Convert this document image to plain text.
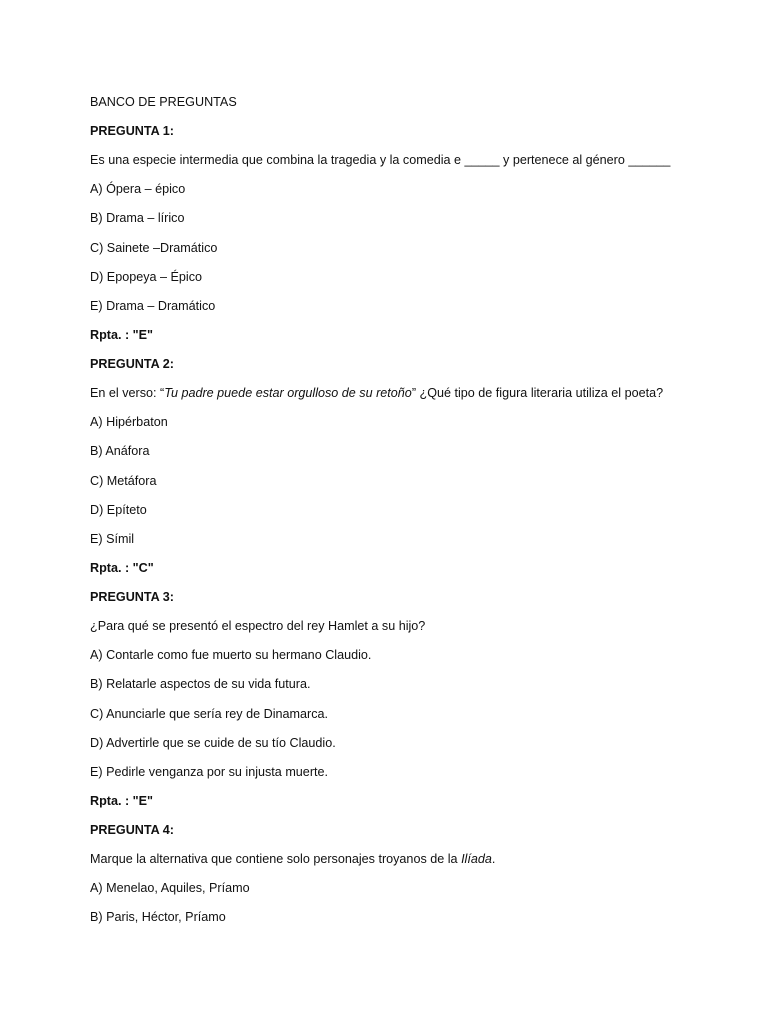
BANCO DE PREGUNTAS

PREGUNTA 1:

Es una especie intermedia que combina la tragedia y la comedia e _____ y pertenece al género ______

A) Ópera – épico

B) Drama – lírico

C) Sainete –Dramático

D) Epopeya – Épico

E) Drama – Dramático

Rpta. : "E"

PREGUNTA 2:

En el verso: “Tu padre puede estar orgulloso de su retoño” ¿Qué tipo de figura literaria utiliza el poeta?

A) Hipérbaton

B) Anáfora

C) Metáfora

D) Epíteto

E) Símil

Rpta. : "C"

PREGUNTA 3:

¿Para qué se presentó el espectro del rey Hamlet a su hijo?

A) Contarle como fue muerto su hermano Claudio.

B) Relatarle aspectos de su vida futura.

C) Anunciarle que sería rey de Dinamarca.

D) Advertirle que se cuide de su tío Claudio.

E) Pedirle venganza por su injusta muerte.

Rpta. : "E"

PREGUNTA 4:

Marque la alternativa que contiene solo personajes troyanos de la Ilíada.

A) Menelao, Aquiles, Príamo

B) Paris, Héctor, Príamo
